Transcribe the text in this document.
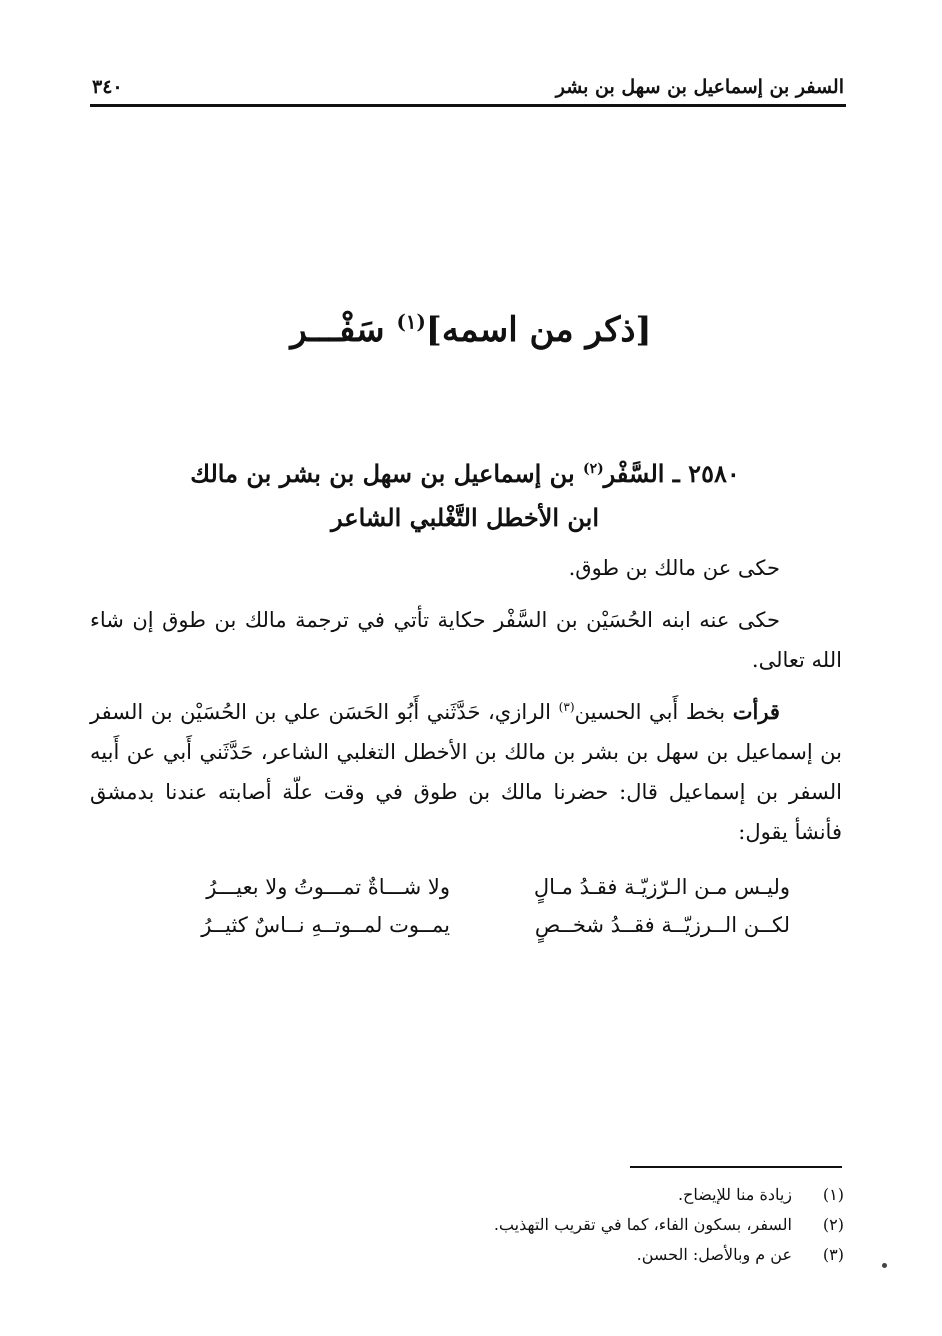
السفر بن إسماعيل بن سهل بن بشر
٣٤٠
[ذكر من اسمه]$^{(١)}$ سَفْـــر
٢٥٨٠ ـ السَّفْر$^{(٢)}$ بن إسماعيل بن سهل بن بشر بن مالك
ابن الأخطل التَّغْلبي الشاعر

حكى عن مالك بن طوق.

حكى عنه ابنه الحُسَيْن بن السَّفْر حكاية تأتي في ترجمة مالك بن طوق إن شاء الله تعالى.

قرأت بخط أَبي الحسين$^{(٣)}$ الرازي، حَدَّثَني أَبُو الحَسَن علي بن الحُسَيْن بن السفر بن إسماعيل بن سهل بن بشر بن مالك بن الأخطل التغلبي الشاعر، حَدَّثَني أَبي عن أَبيه السفر بن إسماعيل قال: حضرنا مالك بن طوق في وقت علّة أصابته عندنا بدمشق فأنشأ يقول:

وليـس مـن الـرّزيّـة فقـدُ مـالٍ
ولا شـــاةٌ تمـــوتُ ولا بعيـــرُ
لكــن الــرزيّــة فقــدُ شخــصٍ
يمــوت لمــوتــهِ نــاسٌ كثيــرُ
(١)
زيادة منا للإيضاح.
(٢)
السفر، بسكون الفاء، كما في تقريب التهذيب.
(٣)
عن م وبالأصل: الحسن.
